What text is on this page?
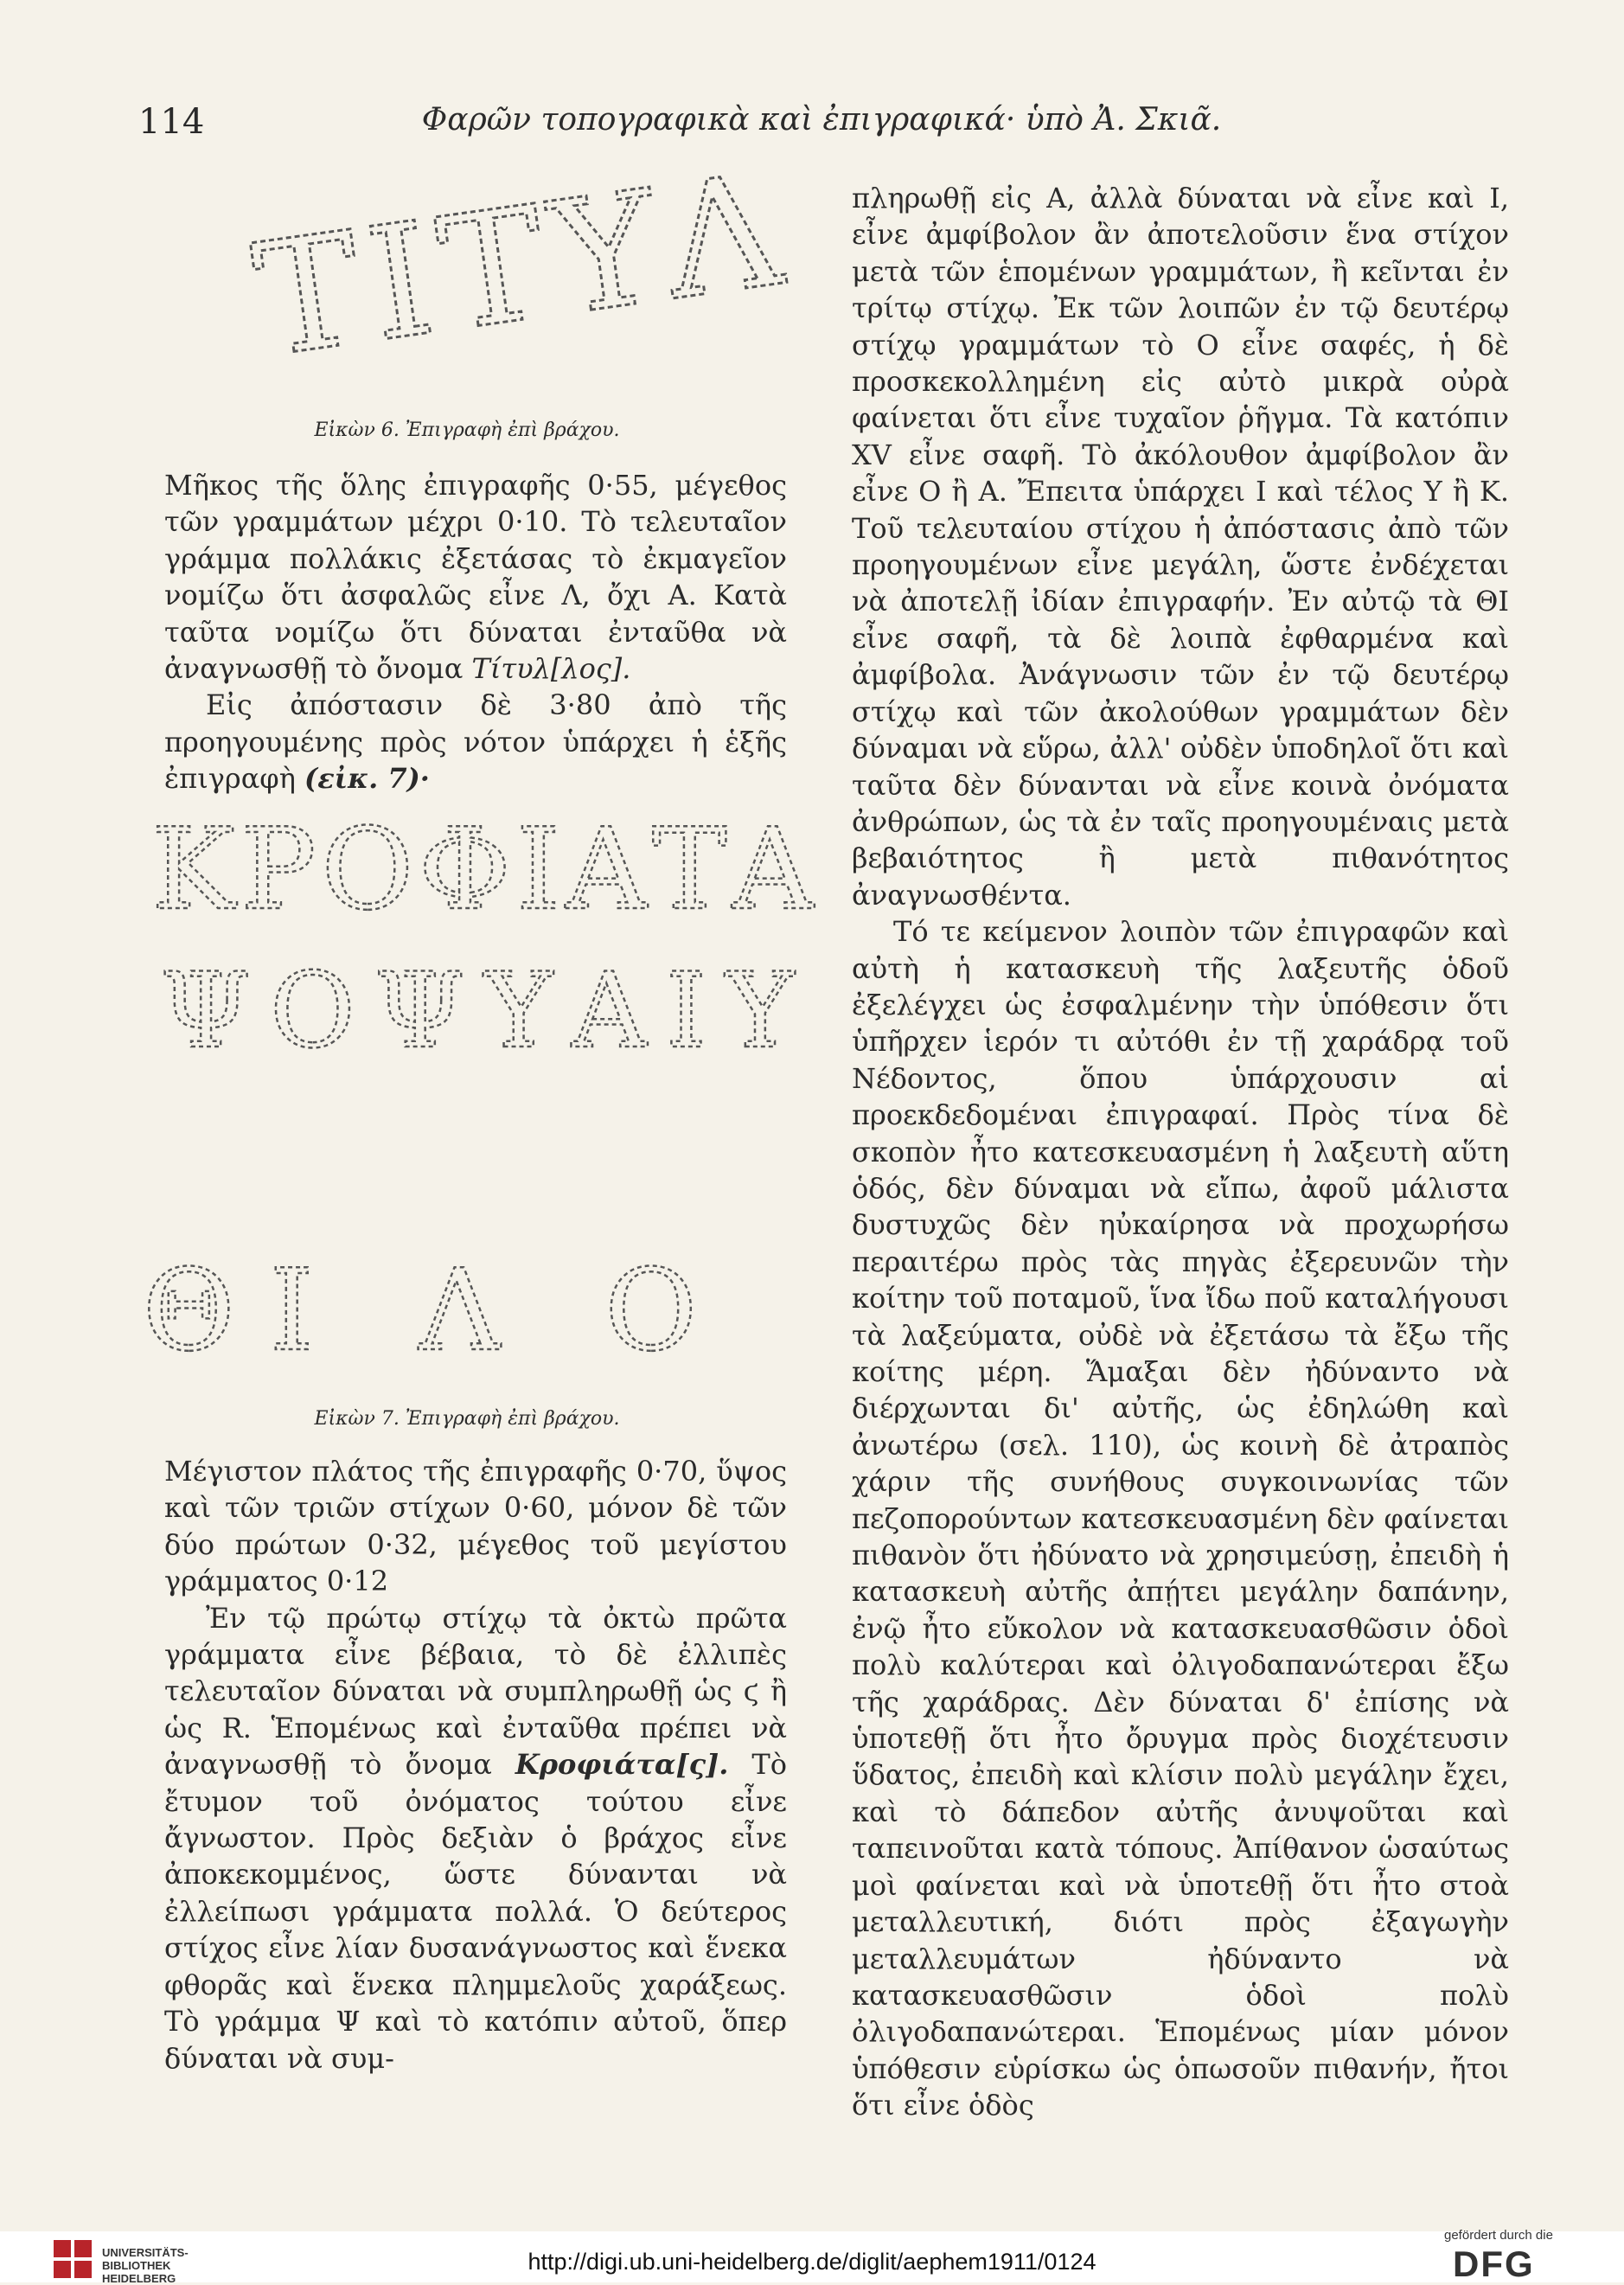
114	Φαρῶν τοπογραφικὰ καὶ ἐπιγραφικά· ὑπὸ Ἀ. Σκιᾶ.
ΤΙΤΥΛ
Εἰκὼν 6. Ἐπιγραφὴ ἐπὶ βράχου.

Μῆκος τῆς ὅλης ἐπιγραφῆς 0·55, μέγεθος τῶν γραμμάτων μέχρι 0·10. Τὸ τελευταῖον γράμμα πολλάκις ἐξετάσας τὸ ἐκμαγεῖον νομίζω ὅτι ἀσφαλῶς εἶνε Λ, ὄχι Α. Κατὰ ταῦτα νομίζω ὅτι δύναται ἐνταῦθα νὰ ἀναγνωσθῇ τὸ ὄνομα Τίτυλ[λος].

Εἰς ἀπόστασιν δὲ 3·80 ἀπὸ τῆς προηγουμένης πρὸς νότον ὑπάρχει ἡ ἑξῆς ἐπιγραφὴ (εἰκ. 7)·

ΚΡΟΦΙΑΤΑ
ΨΟΨΥΑΙΥ
ΘΙ Λ Ο
Εἰκὼν 7. Ἐπιγραφὴ ἐπὶ βράχου.

Μέγιστον πλάτος τῆς ἐπιγραφῆς 0·70, ὕψος καὶ τῶν τριῶν στίχων 0·60, μόνον δὲ τῶν δύο πρώτων 0·32, μέγεθος τοῦ μεγίστου γράμματος 0·12

Ἐν τῷ πρώτῳ στίχῳ τὰ ὀκτὼ πρῶτα γράμματα εἶνε βέβαια, τὸ δὲ ἐλλιπὲς τελευταῖον δύναται νὰ συμπληρωθῇ ὡς ϛ ἢ ὡς R. Ἑπομένως καὶ ἐνταῦθα πρέπει νὰ ἀναγνωσθῇ τὸ ὄνομα Κροφιάτα[ς]. Τὸ ἔτυμον τοῦ ὀνόματος τούτου εἶνε ἄγνωστον. Πρὸς δεξιὰν ὁ βράχος εἶνε ἀποκεκομμένος, ὥστε δύνανται νὰ ἐλλείπωσι γράμματα πολλά. Ὁ δεύτερος στίχος εἶνε λίαν δυσανάγνωστος καὶ ἕνεκα φθορᾶς καὶ ἕνεκα πλημμελοῦς χαράξεως. Τὸ γράμμα Ψ καὶ τὸ κατόπιν αὐτοῦ, ὅπερ δύναται νὰ συμ-

πληρωθῇ εἰς Α, ἀλλὰ δύναται νὰ εἶνε καὶ Ι, εἶνε ἀμφίβολον ἂν ἀποτελοῦσιν ἕνα στίχον μετὰ τῶν ἑπομένων γραμμάτων, ἢ κεῖνται ἐν τρίτῳ στίχῳ. Ἐκ τῶν λοιπῶν ἐν τῷ δευτέρῳ στίχῳ γραμμάτων τὸ Ο εἶνε σαφές, ἡ δὲ προσκεκολλημένη εἰς αὐτὸ μικρὰ οὐρὰ φαίνεται ὅτι εἶνε τυχαῖον ῥῆγμα. Τὰ κατόπιν ΧV εἶνε σαφῆ. Τὸ ἀκόλουθον ἀμφίβολον ἂν εἶνε Ο ἢ Α. Ἔπειτα ὑπάρχει Ι καὶ τέλος Υ ἢ Κ. Τοῦ τελευταίου στίχου ἡ ἀπόστασις ἀπὸ τῶν προηγουμένων εἶνε μεγάλη, ὥστε ἐνδέχεται νὰ ἀποτελῇ ἰδίαν ἐπιγραφήν. Ἐν αὐτῷ τὰ ΘΙ εἶνε σαφῆ, τὰ δὲ λοιπὰ ἐφθαρμένα καὶ ἀμφίβολα. Ἀνάγνωσιν τῶν ἐν τῷ δευτέρῳ στίχῳ καὶ τῶν ἀκολούθων γραμμάτων δὲν δύναμαι νὰ εὕρω, ἀλλ' οὐδὲν ὑποδηλοῖ ὅτι καὶ ταῦτα δὲν δύνανται νὰ εἶνε κοινὰ ὀνόματα ἀνθρώπων, ὡς τὰ ἐν ταῖς προηγουμέναις μετὰ βεβαιότητος ἢ μετὰ πιθανότητος ἀναγνωσθέντα.

Τό τε κείμενον λοιπὸν τῶν ἐπιγραφῶν καὶ αὐτὴ ἡ κατασκευὴ τῆς λαξευτῆς ὁδοῦ ἐξελέγχει ὡς ἐσφαλμένην τὴν ὑπόθεσιν ὅτι ὑπῆρχεν ἱερόν τι αὐτόθι ἐν τῇ χαράδρᾳ τοῦ Νέδοντος, ὅπου ὑπάρχουσιν αἱ προεκδεδομέναι ἐπιγραφαί. Πρὸς τίνα δὲ σκοπὸν ἦτο κατεσκευασμένη ἡ λαξευτὴ αὕτη ὁδός, δὲν δύναμαι νὰ εἴπω, ἀφοῦ μάλιστα δυστυχῶς δὲν ηὐκαίρησα νὰ προχωρήσω περαιτέρω πρὸς τὰς πηγὰς ἐξερευνῶν τὴν κοίτην τοῦ ποταμοῦ, ἵνα ἴδω ποῦ καταλήγουσι τὰ λαξεύματα, οὐδὲ νὰ ἐξετάσω τὰ ἔξω τῆς κοίτης μέρη. Ἅμαξαι δὲν ἠδύναντο νὰ διέρχωνται δι' αὐτῆς, ὡς ἐδηλώθη καὶ ἀνωτέρω (σελ. 110), ὡς κοινὴ δὲ ἀτραπὸς χάριν τῆς συνήθους συγκοινωνίας τῶν πεζοπορούντων κατεσκευασμένη δὲν φαίνεται πιθανὸν ὅτι ἠδύνατο νὰ χρησιμεύσῃ, ἐπειδὴ ἡ κατασκευὴ αὐτῆς ἀπῄτει μεγάλην δαπάνην, ἐνῷ ἦτο εὔκολον νὰ κατασκευασθῶσιν ὁδοὶ πολὺ καλύτεραι καὶ ὀλιγοδαπανώτεραι ἔξω τῆς χαράδρας. Δὲν δύναται δ' ἐπίσης νὰ ὑποτεθῇ ὅτι ἦτο ὄρυγμα πρὸς διοχέτευσιν ὕδατος, ἐπειδὴ καὶ κλίσιν πολὺ μεγάλην ἔχει, καὶ τὸ δάπεδον αὐτῆς ἀνυψοῦται καὶ ταπεινοῦται κατὰ τόπους. Ἀπίθανον ὡσαύτως μοὶ φαίνεται καὶ νὰ ὑποτεθῇ ὅτι ἦτο στοὰ μεταλλευτική, διότι πρὸς ἐξαγωγὴν μεταλλευμάτων ἠδύναντο νὰ κατασκευασθῶσιν ὁδοὶ πολὺ ὀλιγοδαπανώτεραι. Ἑπομένως μίαν μόνον ὑπόθεσιν εὑρίσκω ὡς ὁπωσοῦν πιθανήν, ἤτοι ὅτι εἶνε ὁδὸς

UNIVERSITÄTS-
BIBLIOTHEK
HEIDELBERG
http://digi.ub.uni-heidelberg.de/diglit/aephem1911/0124
gefördert durch die
DFG
